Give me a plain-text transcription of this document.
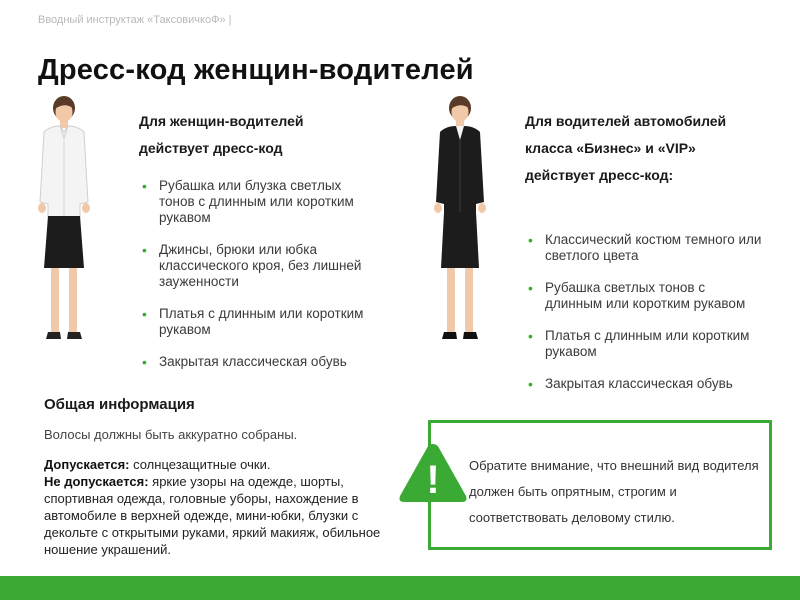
Вводный инструктаж «ТаксовичкоФ» |
Дресс-код женщин-водителей

Для женщин-водителей действует дресс-код

• Рубашка или блузка светлых тонов с длинным или коротким рукавом
• Джинсы, брюки или юбка классического кроя, без лишней зауженности
• Платья с длинным или коротким рукавом
• Закрытая классическая обувь

Для водителей автомобилей класса «Бизнес» и «VIP» действует дресс-код:

• Классический костюм темного или светлого цвета
• Рубашка светлых тонов с длинным или коротким рукавом
• Платья с длинным или коротким рукавом
• Закрытая классическая обувь
Общая информация

Волосы должны быть аккуратно собраны.

Допускается: солнцезащитные очки.
Не допускается: яркие узоры на одежде, шорты, спортивная одежда, головные уборы, нахождение в автомобиле в верхней одежде, мини-юбки, блузки с декольте с открытыми руками, яркий макияж, обильное ношение украшений.

! Обратите внимание, что внешний вид водителя должен быть опрятным, строгим и соответствовать деловому стилю.
